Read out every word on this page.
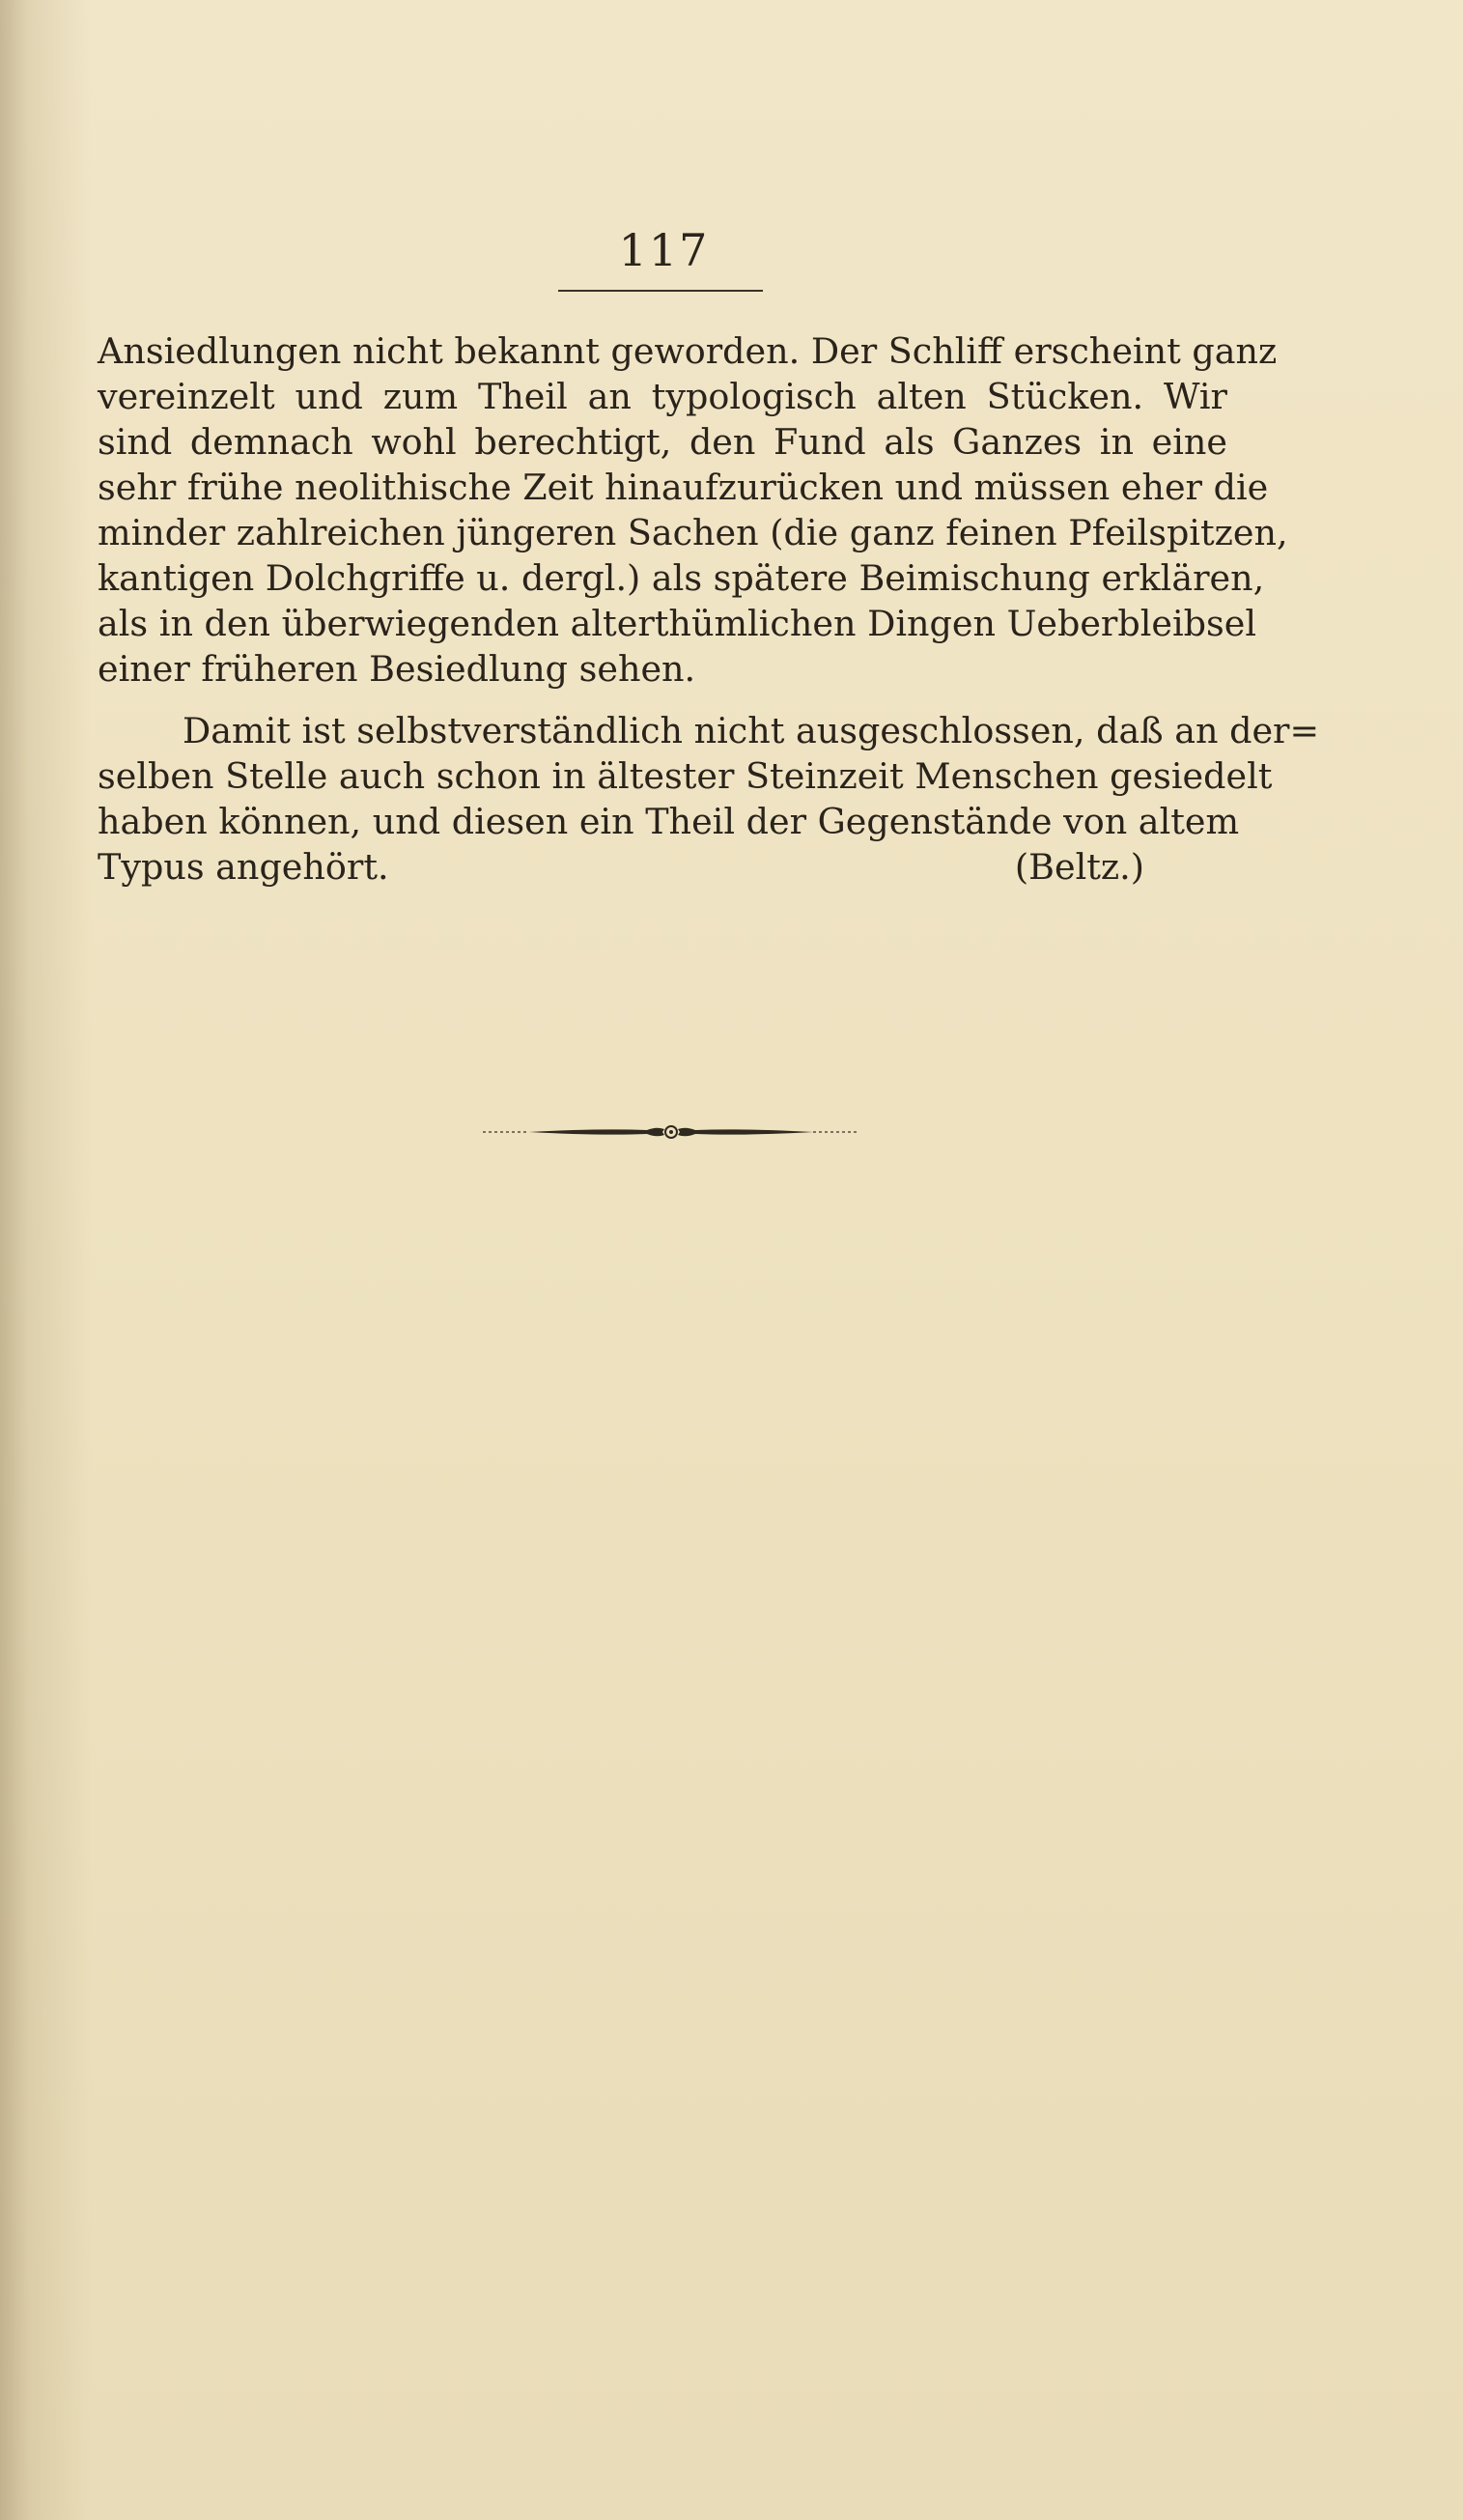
117
Ansiedlungen nicht bekannt geworden. Der Schliff erscheint ganz
vereinzelt und zum Theil an typologisch alten Stücken. Wir
sind demnach wohl berechtigt, den Fund als Ganzes in eine
sehr frühe neolithische Zeit hinaufzurücken und müssen eher die
minder zahlreichen jüngeren Sachen (die ganz feinen Pfeilspitzen,
kantigen Dolchgriffe u. dergl.) als spätere Beimischung erklären,
als in den überwiegenden alterthümlichen Dingen Ueberbleibsel
einer früheren Besiedlung sehen.
Damit ist selbstverständlich nicht ausgeschlossen, daß an der=
selben Stelle auch schon in ältester Steinzeit Menschen gesiedelt
haben können, und diesen ein Theil der Gegenstände von altem
Typus angehört.	(Beltz.)
